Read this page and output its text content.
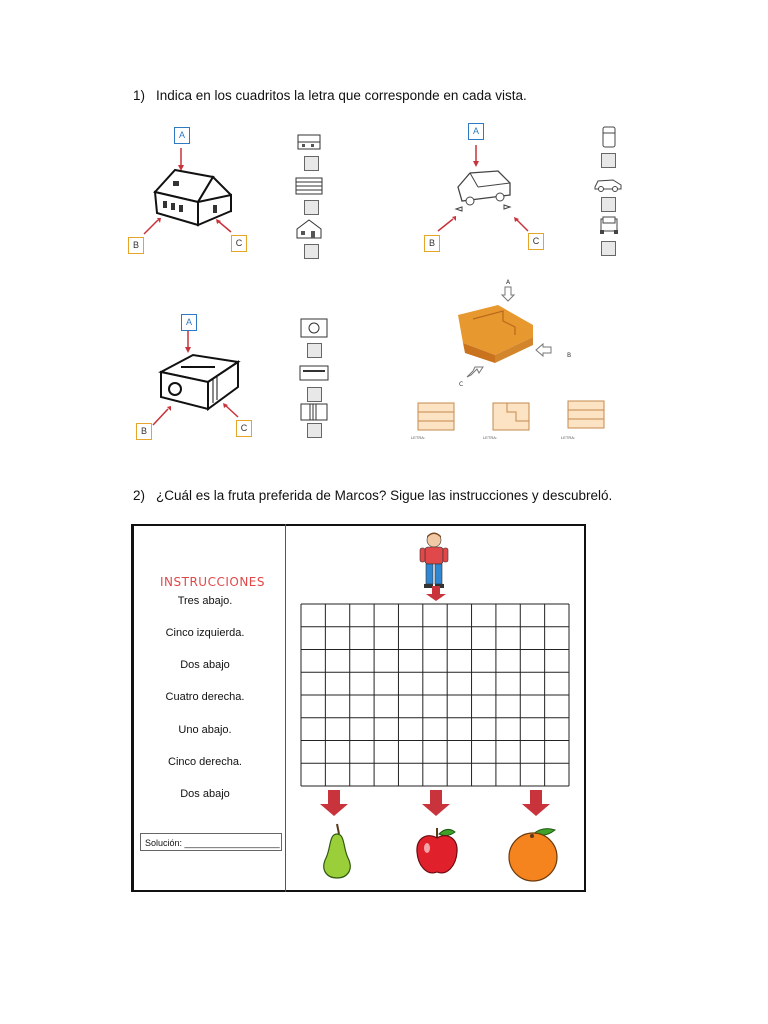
1) Indica en los cuadritos la letra que corresponde en cada vista.
A
B	C
A
B	C
A
B	C
A
B
C
LETRA:	LETRA:	LETRA:
2) ¿Cuál es la fruta preferida de Marcos? Sigue las instrucciones y descubreló.
INSTRUCCIONES
Tres abajo.
Cinco izquierda.
Dos abajo
Cuatro derecha.
Uno abajo.
Cinco derecha.
Dos abajo
Solución: ___________________
